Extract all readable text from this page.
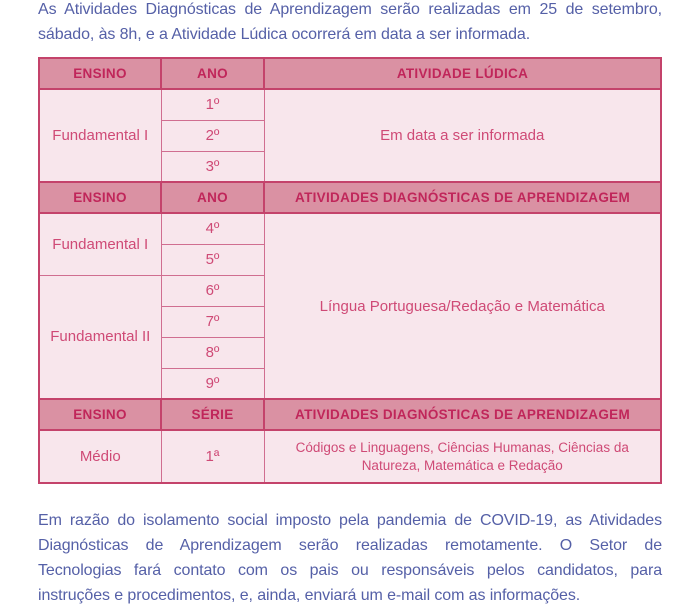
As Atividades Diagnósticas de Aprendizagem serão realizadas em 25 de setembro,
sábado, às 8h, e a Atividade Lúdica ocorrerá em data a ser informada.

ENSINO	ANO	ATIVIDADE LÚDICA
Fundamental I	1º	Em data a ser informada
	2º	
	3º	
ENSINO	ANO	ATIVIDADES DIAGNÓSTICAS DE APRENDIZAGEM
Fundamental I	4º	Língua Portuguesa/Redação e Matemática
	5º	
Fundamental II	6º	
	7º	
	8º	
	9º	
ENSINO	SÉRIE	ATIVIDADES DIAGNÓSTICAS DE APRENDIZAGEM
Médio	1ª	Códigos e Linguagens, Ciências Humanas, Ciências da Natureza, Matemática e Redação

Em razão do isolamento social imposto pela pandemia de COVID-19, as Atividades
Diagnósticas de Aprendizagem serão realizadas remotamente. O Setor de
Tecnologias fará contato com os pais ou responsáveis pelos candidatos, para
instruções e procedimentos, e, ainda, enviará um e-mail com as informações.
